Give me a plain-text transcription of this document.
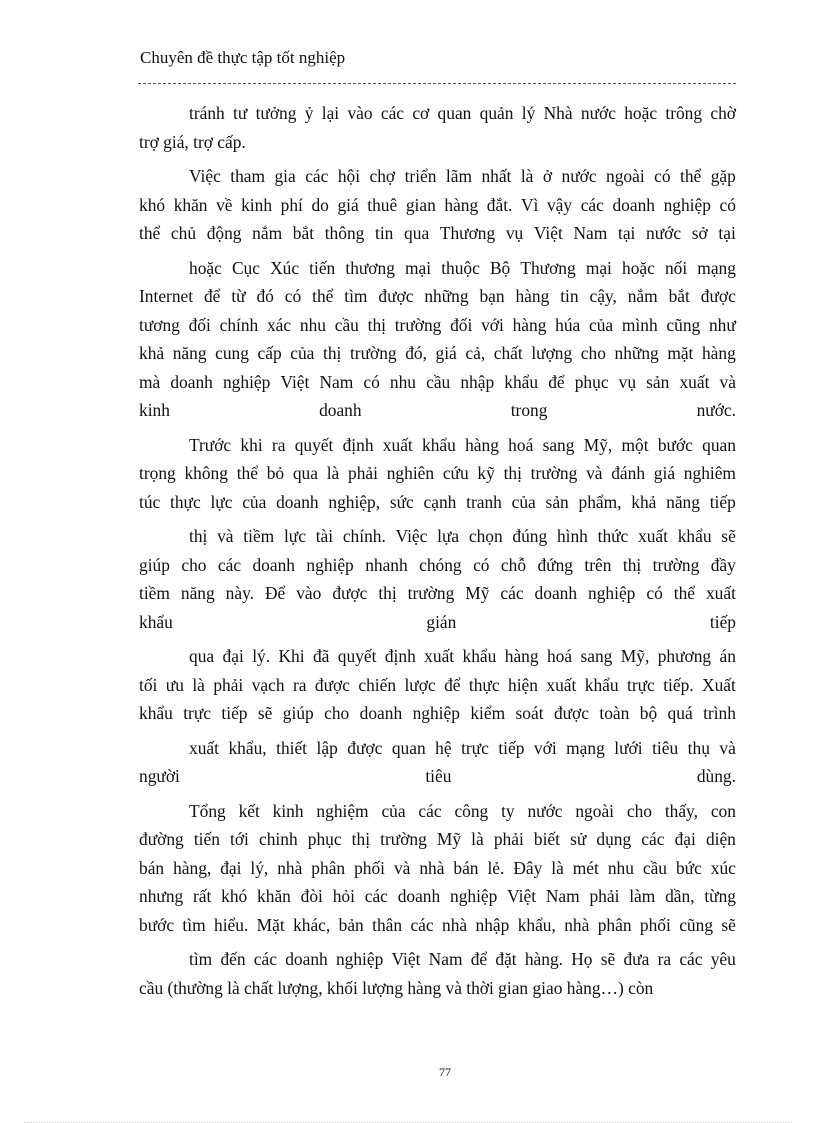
Chuyên đề thực tập tốt nghiệp
tránh tư tưởng ỷ lại vào các cơ quan quản lý Nhà nước hoặc trông chờ
trợ giá, trợ cấp.
Việc tham gia các hội chợ triển lãm nhất là ở nước ngoài có thể gặp
khó khăn về kinh phí do giá thuê gian hàng đắt. Vì vậy các doanh nghiệp có
thể chủ động nắm bắt thông tin qua Thương vụ Việt Nam tại nước sở tại
hoặc Cục Xúc tiến thương mại thuộc Bộ Thương mại hoặc nối mạng
Internet để từ đó có thể tìm được những bạn hàng tin cậy, nắm bắt được
tương đối chính xác nhu cầu thị trường đối với hàng húa của mình cũng như
khả năng cung cấp của thị trường đó, giá cả, chất lượng cho những mặt hàng
mà doanh nghiệp Việt Nam có nhu cầu nhập khẩu để phục vụ sản xuất và
kinh	doanh	trong	nước.
Trước khi ra quyết định xuất khẩu hàng hoá sang Mỹ, một bước quan
trọng không thể bỏ qua là phải nghiên cứu kỹ thị trường và đánh giá nghiêm
túc thực lực của doanh nghiệp, sức cạnh tranh của sản phẩm, khả năng tiếp
thị và tiềm lực tài chính. Việc lựa chọn đúng hình thức xuất khẩu sẽ
giúp cho các doanh nghiệp nhanh chóng có chỗ đứng trên thị trường đầy
tiềm năng này. Để vào được thị trường Mỹ các doanh nghiệp có thể xuất
khẩu	gián	tiếp
qua đại lý. Khi đã quyết định xuất khẩu hàng hoá sang Mỹ, phương án
tối ưu là phải vạch ra được chiến lược để thực hiện xuất khẩu trực tiếp. Xuất
khẩu trực tiếp sẽ giúp cho doanh nghiệp kiểm soát được toàn bộ quá trình
xuất khẩu, thiết lập được quan hệ trực tiếp với mạng lưới tiêu thụ và
người	tiêu	dùng.
Tổng kết kinh nghiệm của các công ty nước ngoài cho thấy, con
đường tiến tới chinh phục thị trường Mỹ là phải biết sử dụng các đại diện
bán hàng, đại lý, nhà phân phối và nhà bán lẻ. Đây là mét nhu cầu bức xúc
nhưng rất khó khăn đòi hỏi các doanh nghiệp Việt Nam phải làm dần, từng
bước tìm hiểu. Mặt khác, bản thân các nhà nhập khẩu, nhà phân phối cũng sẽ
tìm đến các doanh nghiệp Việt Nam để đặt hàng. Họ sẽ đưa ra các yêu
cầu (thường là chất lượng, khối lượng hàng và thời gian giao hàng…) còn
77
